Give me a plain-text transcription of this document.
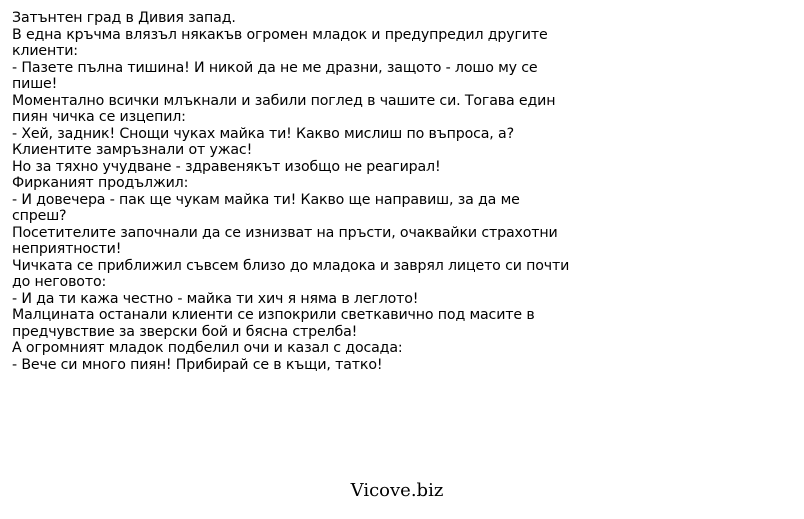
Затънтен град в Дивия запад.
В една кръчма влязъл някакъв огромен младок и предупредил другите клиенти:
- Пазете пълна тишина! И никой да не ме дразни, защото - лошо му се пише!
Моментално всички млъкнали и забили поглед в чашите си. Тогава един пиян чичка се изцепил:
- Хей, задник! Снощи чуках майка ти! Какво мислиш по въпроса, а?
Клиентите замръзнали от ужас!
Но за тяхно учудване - здравенякът изобщо не реагирал!
Фирканият продължил:
- И довечера - пак ще чукам майка ти! Какво ще направиш, за да ме спреш?
Посетителите започнали да се изнизват на пръсти, очаквайки страхотни неприятности!
Чичката се приближил съвсем близо до младока и заврял лицето си почти до неговото:
- И да ти кажа честно - майка ти хич я няма в леглото!
Малцината останали клиенти се изпокрили светкавично под масите в предчувствие за зверски бой и бясна стрелба!
А огромният младок подбелил очи и казал с досада:
- Вече си много пиян! Прибирай се в къщи, татко!
Vicove.biz
